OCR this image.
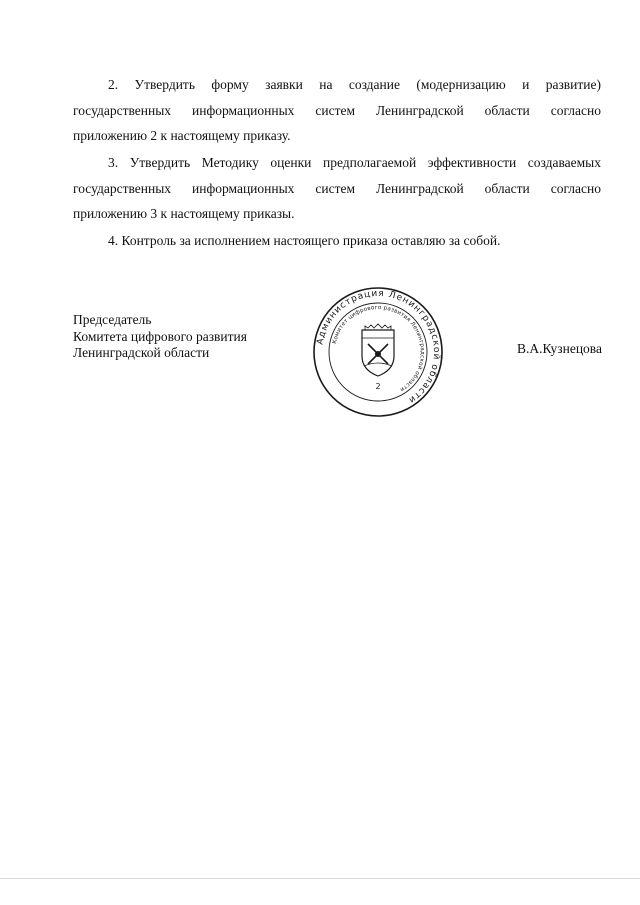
2. Утвердить форму заявки на создание (модернизацию и развитие)
государственных информационных систем Ленинградской области согласно
приложению 2 к настоящему приказу.
3. Утвердить Методику оценки предполагаемой эффективности создаваемых
государственных информационных систем Ленинградской области согласно
приложению 3 к настоящему приказы.
4. Контроль за исполнением настоящего приказа оставляю за собой.
Председатель
Комитета цифрового развития
Ленинградской области	В.А.Кузнецова
Администрация Ленинградской области
Комитет цифрового развития Ленинградской области
2
